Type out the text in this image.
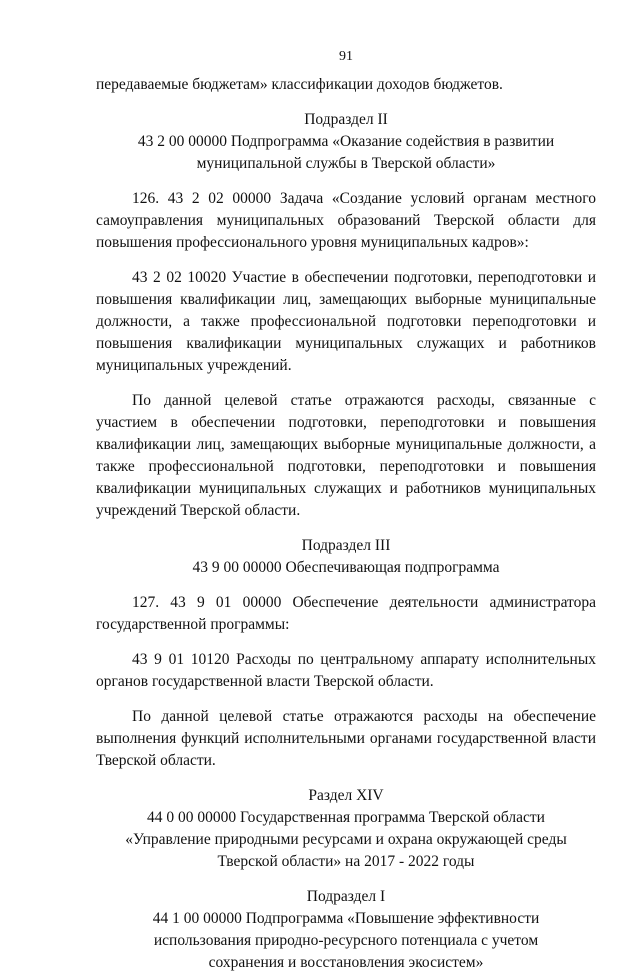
91

передаваемые бюджетам» классификации доходов бюджетов.

Подраздел II
43 2 00 00000 Подпрограмма «Оказание содействия в развитии
муниципальной службы в Тверской области»

126. 43 2 02 00000 Задача «Создание условий органам местного самоуправления муниципальных образований Тверской области для повышения профессионального уровня муниципальных кадров»:

43 2 02 10020 Участие в обеспечении подготовки, переподготовки и повышения квалификации лиц, замещающих выборные муниципальные должности, а также профессиональной подготовки переподготовки и повышения квалификации муниципальных служащих и работников муниципальных учреждений.

По данной целевой статье отражаются расходы, связанные с участием в обеспечении подготовки, переподготовки и повышения квалификации лиц, замещающих выборные муниципальные должности, а также профессиональной подготовки, переподготовки и повышения квалификации муниципальных служащих и работников муниципальных учреждений Тверской области.

Подраздел III
43 9 00 00000 Обеспечивающая подпрограмма

127. 43 9 01 00000 Обеспечение деятельности администратора государственной программы:

43 9 01 10120 Расходы по центральному аппарату исполнительных органов государственной власти Тверской области.

По данной целевой статье отражаются расходы на обеспечение выполнения функций исполнительными органами государственной власти Тверской области.

Раздел XIV
44 0 00 00000 Государственная программа Тверской области
«Управление природными ресурсами и охрана окружающей среды
Тверской области» на 2017 - 2022 годы
Подраздел I
44 1 00 00000 Подпрограмма «Повышение эффективности
использования природно-ресурсного потенциала с учетом
сохранения и восстановления экосистем»
